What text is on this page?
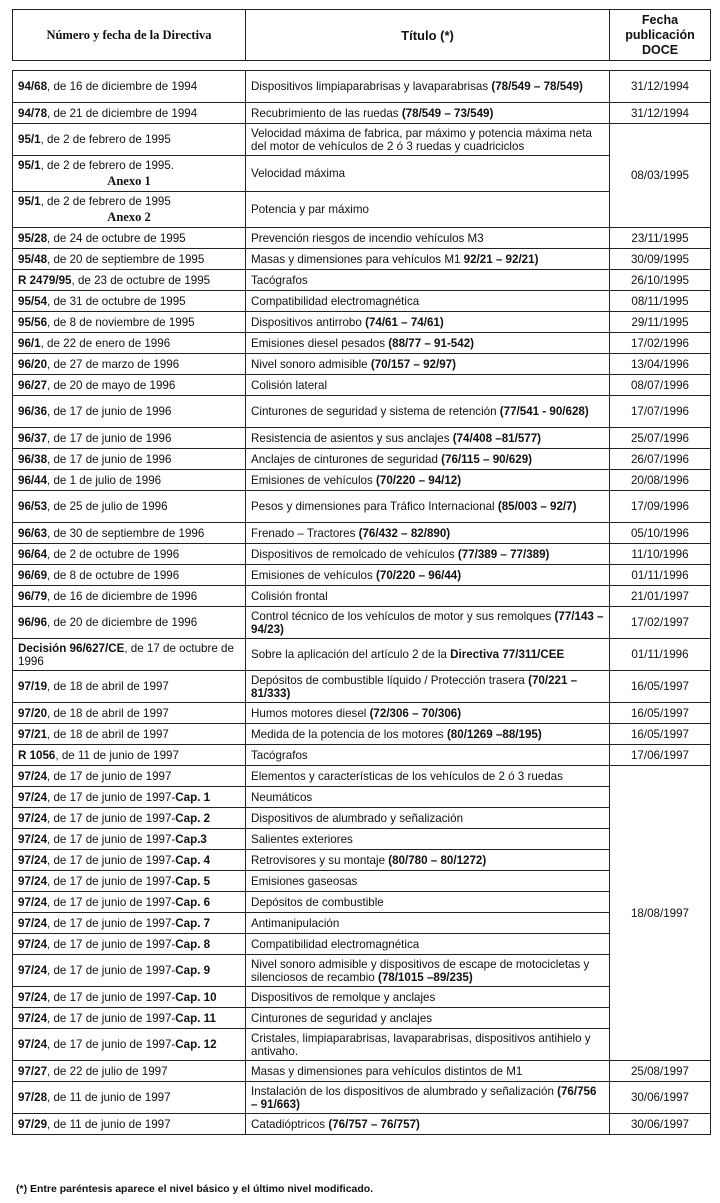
Número y fecha de la Directiva	Título (*)	Fecha publicación DOCE
94/68, de 16 de diciembre de 1994	Dispositivos limpiaparabrisas y lavaparabrisas (78/549 – 78/549)	31/12/1994
94/78, de 21 de diciembre de 1994	Recubrimiento de las ruedas (78/549 – 73/549)	31/12/1994
95/1, de 2 de febrero de 1995	Velocidad máxima de fabrica, par máximo y potencia máxima neta del motor de vehículos de 2 ó 3 ruedas y cuadriciclos	08/03/1995
95/1, de 2 de febrero de 1995.
Anexo 1	Velocidad máxima	
95/1, de 2 de febrero de 1995
Anexo 2	Potencia y par máximo	
95/28, de 24 de octubre de 1995	Prevención riesgos de incendio vehículos M3	23/11/1995
95/48, de 20 de septiembre de 1995	Masas y dimensiones para vehículos M1 92/21 – 92/21)	30/09/1995
R 2479/95, de 23 de octubre de 1995	Tacógrafos	26/10/1995
95/54, de 31 de octubre de 1995	Compatibilidad electromagnética	08/11/1995
95/56, de 8 de noviembre de 1995	Dispositivos antirrobo (74/61 – 74/61)	29/11/1995
96/1, de 22 de enero de 1996	Emisiones diesel pesados (88/77 – 91-542)	17/02/1996
96/20, de 27 de marzo de 1996	Nivel sonoro admisible (70/157 – 92/97)	13/04/1996
96/27, de 20 de mayo de 1996	Colisión lateral	08/07/1996
96/36, de 17 de junio de 1996	Cinturones de seguridad y sistema de retención (77/541 - 90/628)	17/07/1996
96/37, de 17 de junio de 1996	Resistencia de asientos y sus anclajes (74/408 –81/577)	25/07/1996
96/38, de 17 de junio de 1996	Anclajes de cinturones de seguridad (76/115 – 90/629)	26/07/1996
96/44, de 1 de julio de 1996	Emisiones de vehículos (70/220 – 94/12)	20/08/1996
96/53, de 25 de julio de 1996	Pesos y dimensiones para Tráfico Internacional (85/003 – 92/7)	17/09/1996
96/63, de 30 de septiembre de 1996	Frenado – Tractores (76/432 – 82/890)	05/10/1996
96/64, de 2 de octubre de 1996	Dispositivos de remolcado de vehículos (77/389 – 77/389)	11/10/1996
96/69, de 8 de octubre de 1996	Emisiones de vehículos (70/220 – 96/44)	01/11/1996
96/79, de 16 de diciembre de 1996	Colisión frontal	21/01/1997
96/96, de 20 de diciembre de 1996	Control técnico de los vehículos de motor y sus remolques (77/143 –94/23)	17/02/1997
Decisión 96/627/CE, de 17 de octubre de 1996	Sobre la aplicación del artículo 2 de la Directiva 77/311/CEE	01/11/1996
97/19, de 18 de abril de 1997	Depósitos de combustible líquido / Protección trasera (70/221 – 81/333)	16/05/1997
97/20, de 18 de abril de 1997	Humos motores diesel (72/306 – 70/306)	16/05/1997
97/21, de 18 de abril de 1997	Medida de la potencia de los motores (80/1269 –88/195)	16/05/1997
R 1056, de 11 de junio de 1997	Tacógrafos	17/06/1997
97/24, de 17 de junio de 1997	Elementos y características de los vehículos de 2 ó 3 ruedas	18/08/1997
97/24, de 17 de junio de 1997-Cap. 1	Neumáticos	
97/24, de 17 de junio de 1997-Cap. 2	Dispositivos de alumbrado y señalización	
97/24, de 17 de junio de 1997-Cap.3	Salientes exteriores	
97/24, de 17 de junio de 1997-Cap. 4	Retrovisores y su montaje (80/780 – 80/1272)	
97/24, de 17 de junio de 1997-Cap. 5	Emisiones gaseosas	
97/24, de 17 de junio de 1997-Cap. 6	Depósitos de combustible	
97/24, de 17 de junio de 1997-Cap. 7	Antimanipulación	
97/24, de 17 de junio de 1997-Cap. 8	Compatibilidad electromagnética	
97/24, de 17 de junio de 1997-Cap. 9	Nivel sonoro admisible y dispositivos de escape de motocicletas y silenciosos de recambio (78/1015 –89/235)	
97/24, de 17 de junio de 1997-Cap. 10	Dispositivos de remolque y anclajes	
97/24, de 17 de junio de 1997-Cap. 11	Cinturones de seguridad y anclajes	
97/24, de 17 de junio de 1997-Cap. 12	Cristales, limpiaparabrisas, lavaparabrisas, dispositivos antihielo y antivaho.	
97/27, de 22 de julio de 1997	Masas y dimensiones para vehículos distintos de M1	25/08/1997
97/28, de 11 de junio de 1997	Instalación de los dispositivos de alumbrado y señalización (76/756 – 91/663)	30/06/1997
97/29, de 11 de junio de 1997	Catadióptricos (76/757 – 76/757)	30/06/1997
(*) Entre paréntesis aparece el nivel básico y el último nivel modificado.
